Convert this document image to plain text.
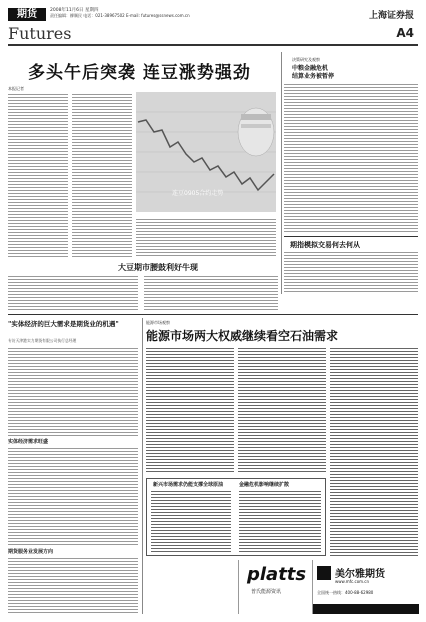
期货	2008年11月6日 星期四
责任编辑：柳顺民 电话：021-38967502 E-mail: futures@ssnews.com.cn	上海证券报
Futures	A4
多头午后突袭 连豆涨势强劲
本报记者
连豆0905合约走势
决策研究及观察
中粮金融危机
结算业务被暂停
期指模拟交易何去何从
大豆期市腰鼓利好牛现
"实体经济的巨大需求是期货业的机遇"
专访天津港实力期货有限公司执行总经理
实体经济需求旺盛
期货服务业发展方向
能源市场观察
能源市场两大权威继续看空石油需求
新兴市场需求仍能支撑全球原油	金融危机影响继续扩散
platts
普氏能源资讯
美尔雅期货
www.mfc.com.cn
全国统一热线：400-88-62980
